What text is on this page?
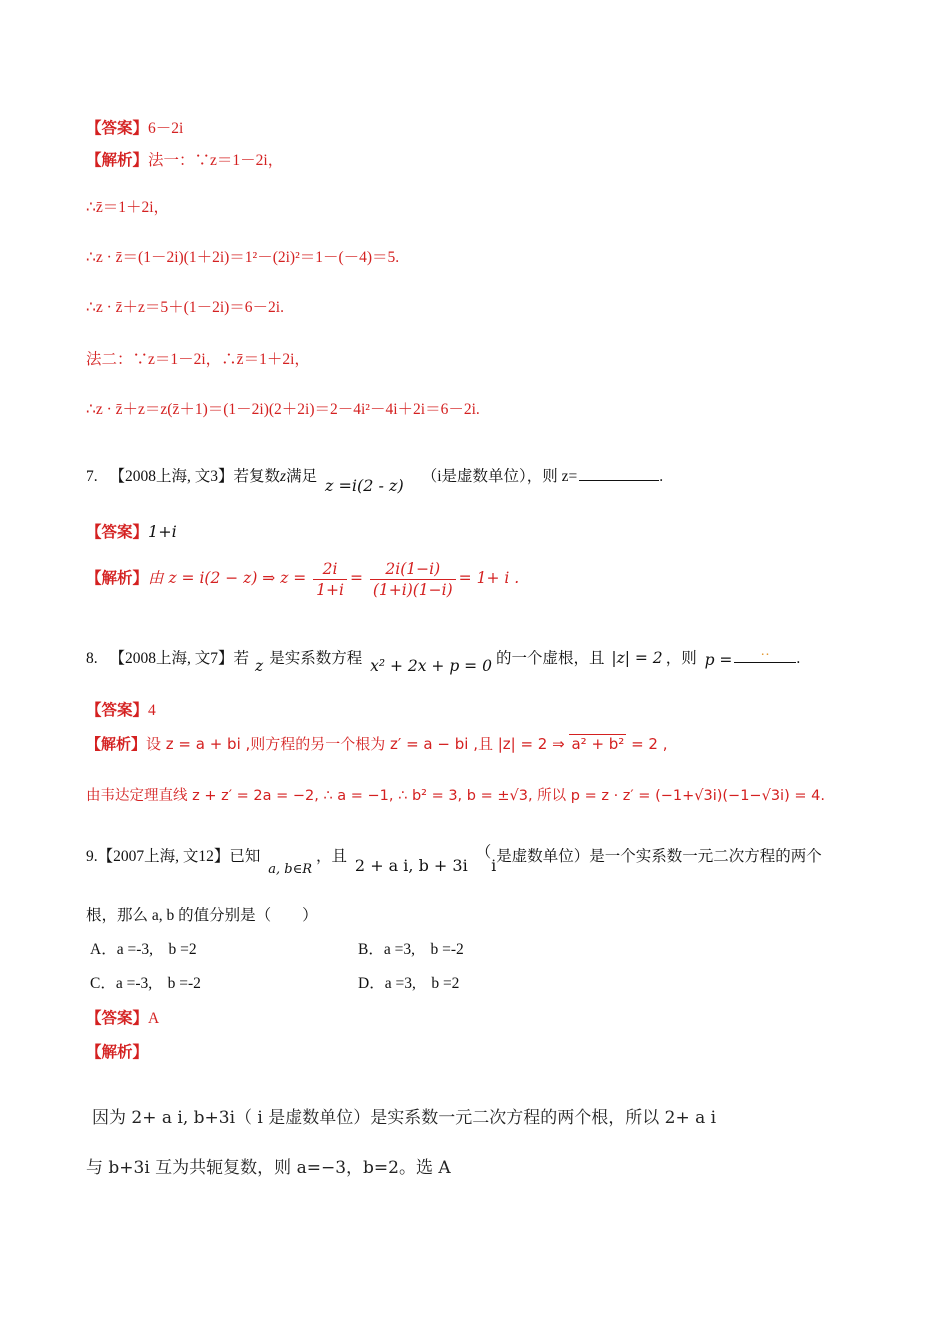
【答案】6－2i
【解析】法一：∵z＝1－2i，
∴z̄＝1＋2i，
∴z · z̄＝(1－2i)(1＋2i)＝1²－(2i)²＝1－(－4)＝5.
∴z · z̄＋z＝5＋(1－2i)＝6－2i.
法二：∵z＝1－2i，∴z̄＝1＋2i，
∴z · z̄＋z＝z(z̄＋1)＝(1－2i)(2＋2i)＝2－4i²－4i＋2i＝6－2i.
7. 【2008上海, 文3】若复数z满足 z =i(2 - z) （i是虚数单位），则 z=	.
【答案】1+i
【解析】由 z = i(2 − z) ⇒ $z = \frac{2i}{1+i} = \frac{2i(1-i)}{(1+i)(1-i)} = 1+ i$ .
8. 【2008上海, 文7】若 z 是实系数方程 x² + 2x + p = 0 的一个虚根，且 |z| = 2 ，则 p = ·· .
【答案】4
【解析】设 z = a + bi ,则方程的另一个根为 z′ = a − bi ,且 |z| = 2 ⇒ a² + b² = 2 ,
由韦达定理直线 z + z′ = 2a = −2, ∴ a = −1, ∴ b² = 3, b = ±√3, 所以 p = z · z′ = (−1+√3i)(−1−√3i) = 4.
9.【2007上海, 文12】已知 $_{a, b\in R}$，且 2 + a i, b + 3i（i是虚数单位）是一个实系数一元二次方程的两个
根，那么 a, b 的值分别是（　　）
A．a =-3,　b =2	B．a =3,　b =-2
C．a =-3,　b =-2	D．a =3,　b =2
【答案】A
【解析】
因为 2+ a i, b+3i（ i 是虚数单位）是实系数一元二次方程的两个根，所以 2+ a i
与 b+3i 互为共轭复数，则 a=−3，b=2。选 A
